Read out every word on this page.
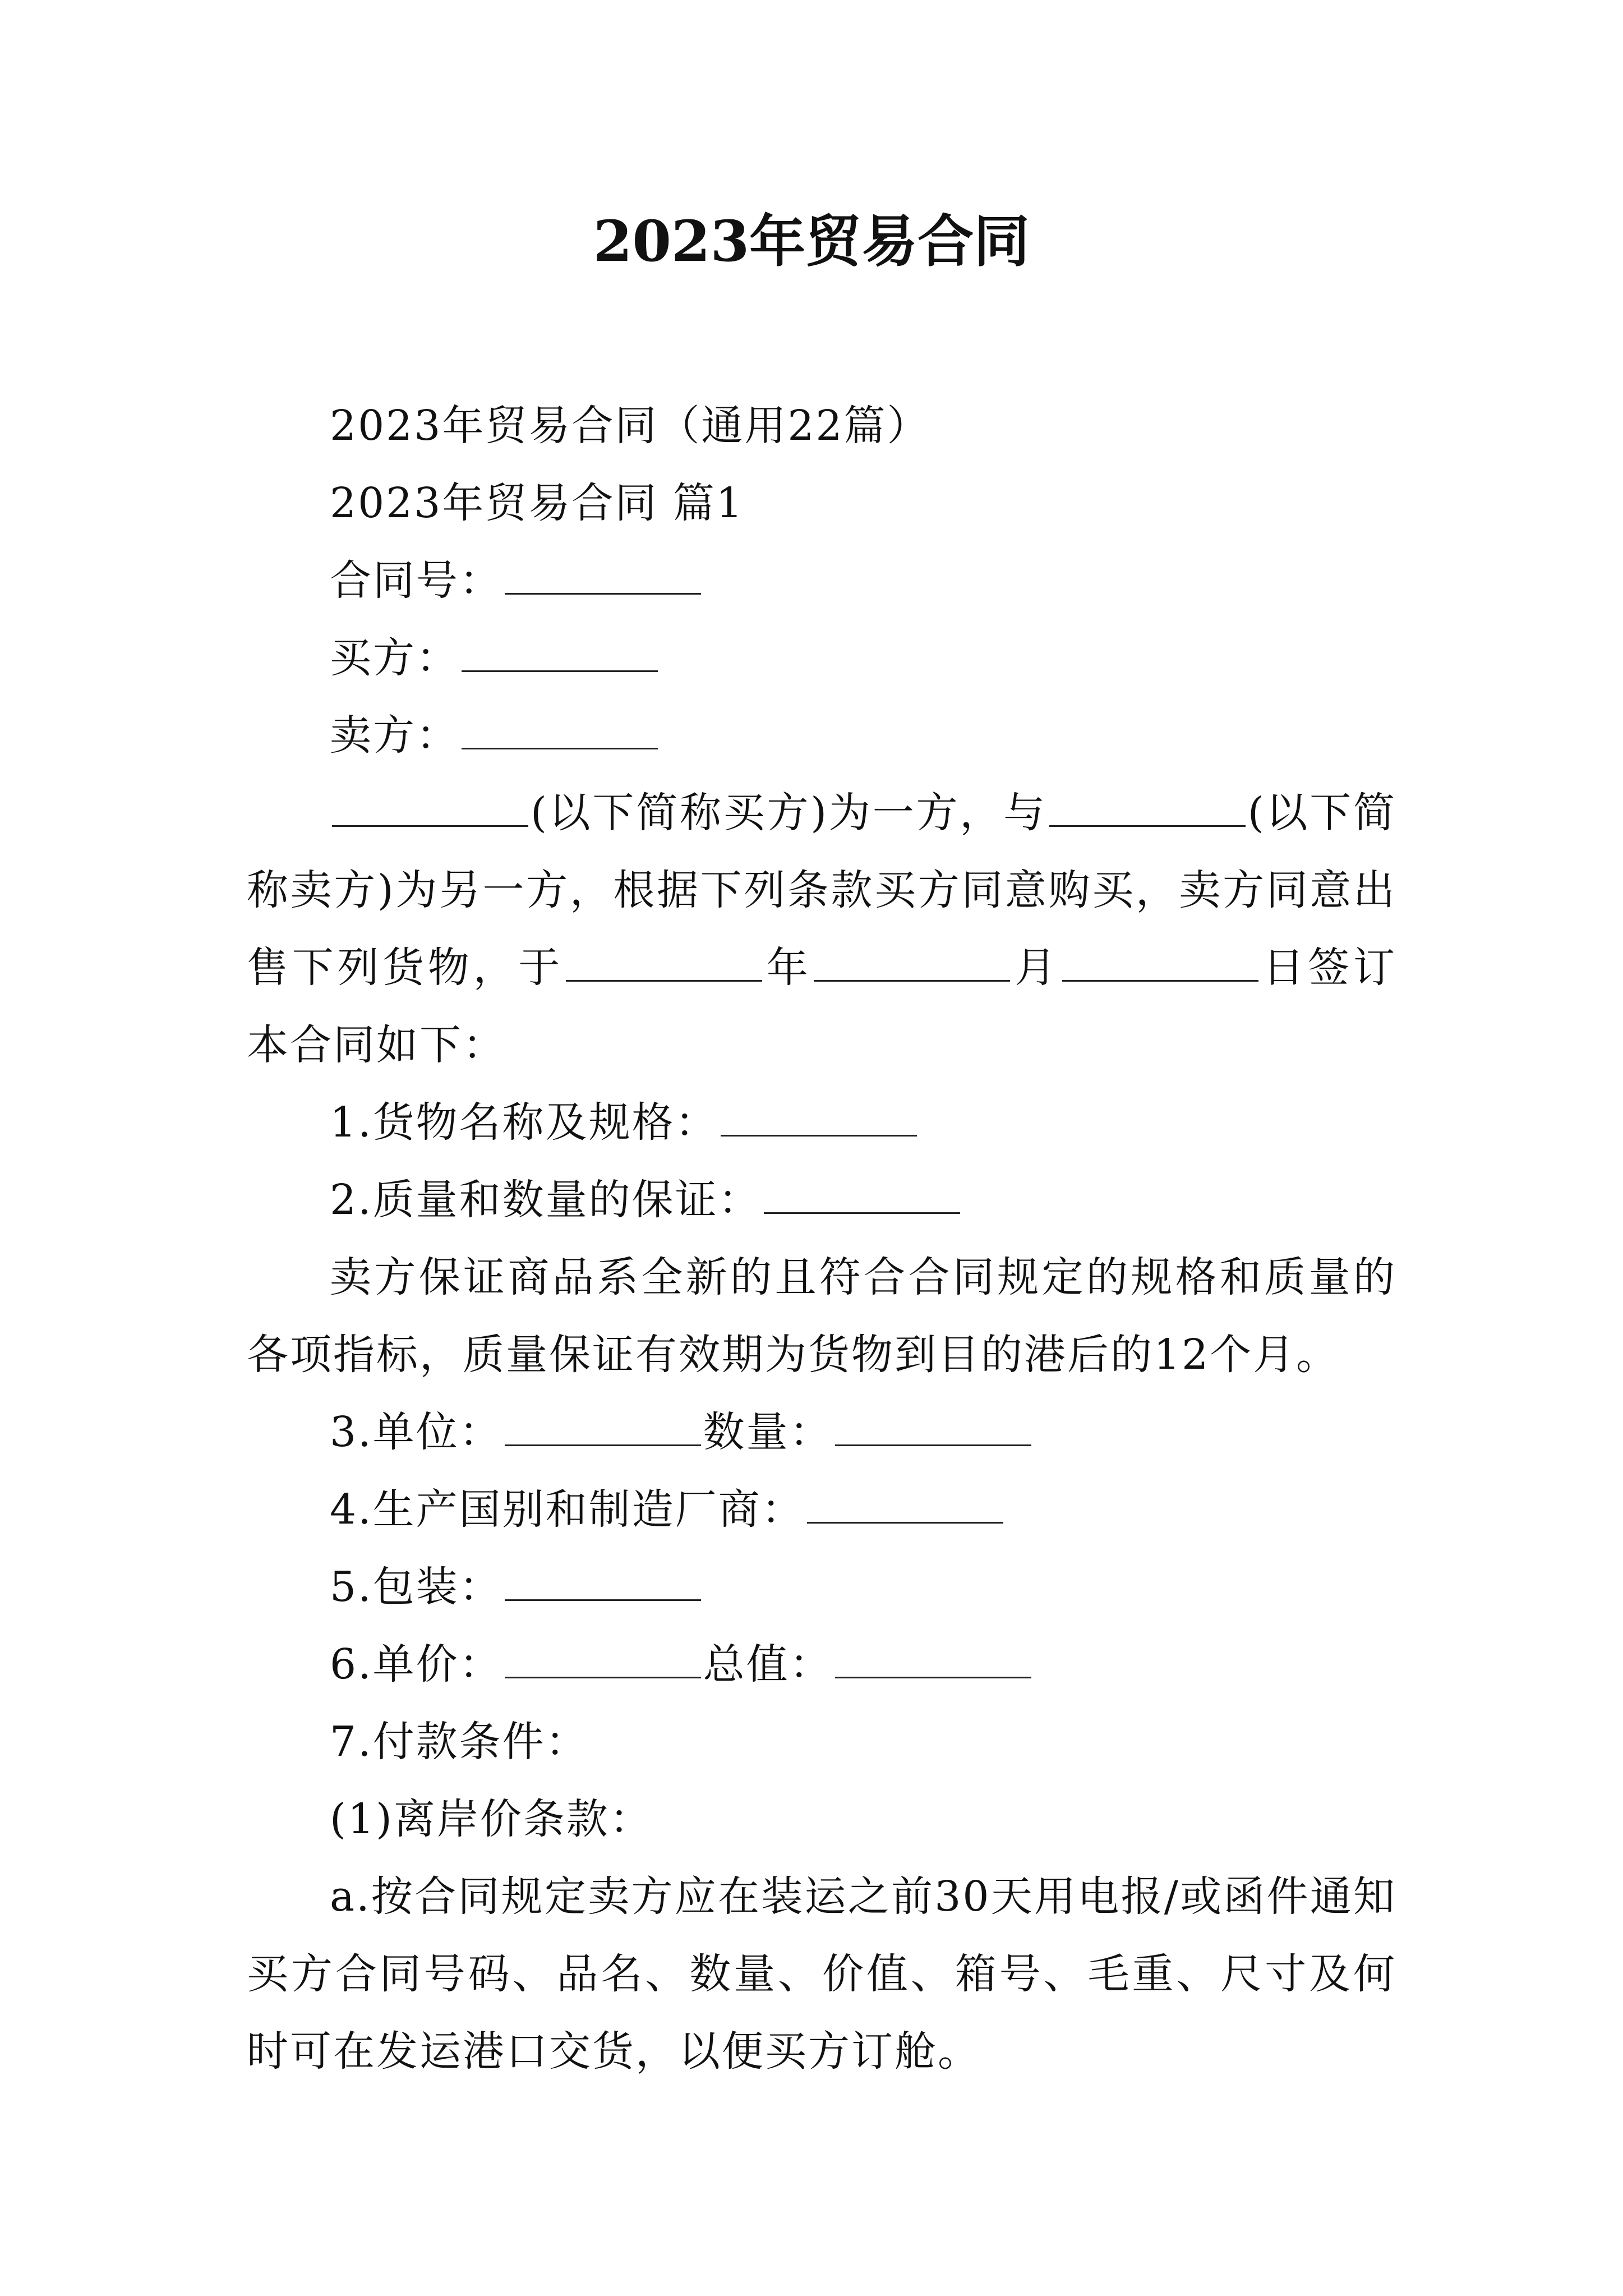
2023年贸易合同

2023年贸易合同（通用22篇）

2023年贸易合同 篇1

合同号：

买方：

卖方：

(以下简称买方)为一方，与	(以下简称卖方)为另一方，根据下列条款买方同意购买，卖方同意出售下列货物，于	年	月	日签订本合同如下：

1.货物名称及规格：

2.质量和数量的保证：

卖方保证商品系全新的且符合合同规定的规格和质量的各项指标，质量保证有效期为货物到目的港后的12个月。

3.单位：	数量：

4.生产国别和制造厂商：

5.包装：

6.单价：	总值：

7.付款条件：

(1)离岸价条款：

a.按合同规定卖方应在装运之前30天用电报/或函件通知买方合同号码、品名、数量、价值、箱号、毛重、尺寸及何时可在发运港口交货，以便买方订舱。
